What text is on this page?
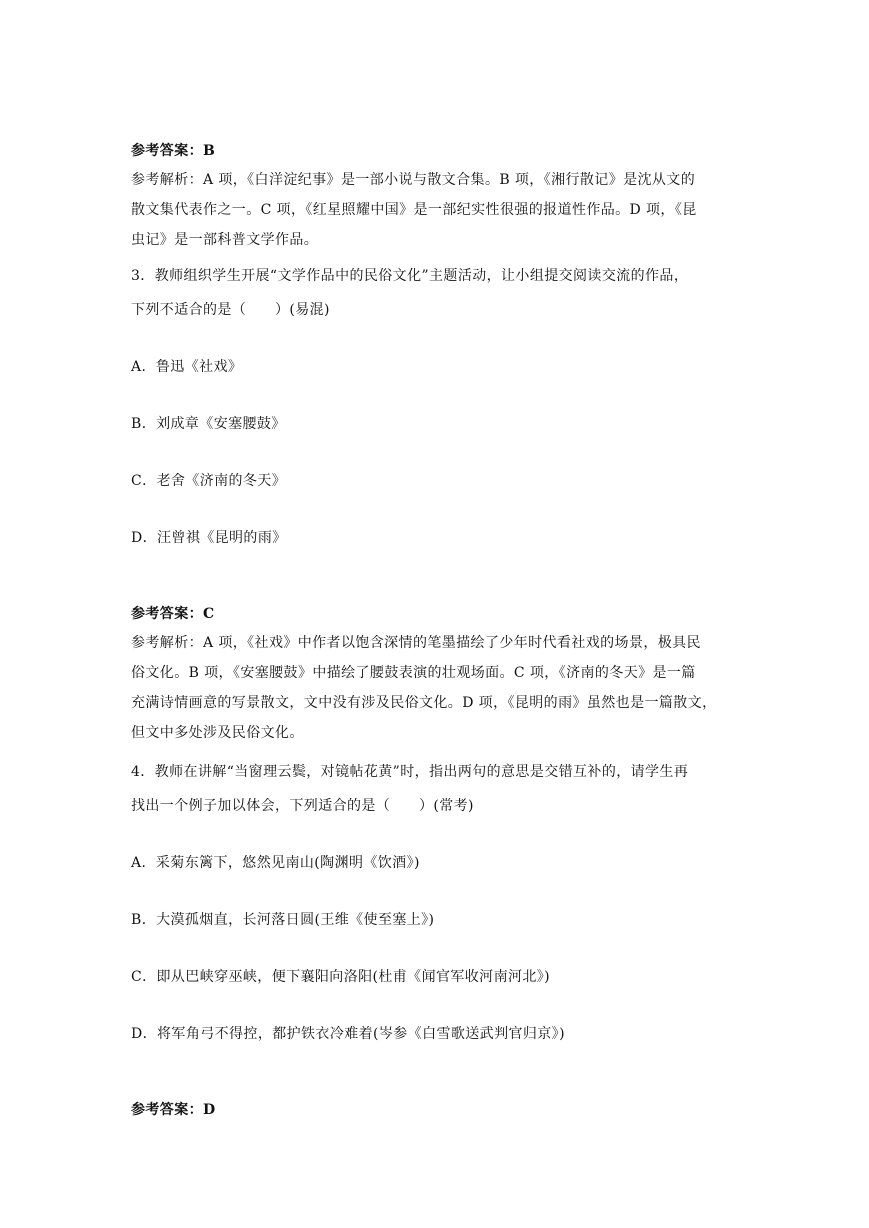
参考答案：B
参考解析：A 项，《白洋淀纪事》是一部小说与散文合集。B 项，《湘行散记》是沈从文的
散文集代表作之一。C 项，《红星照耀中国》是一部纪实性很强的报道性作品。D 项，《昆
虫记》是一部科普文学作品。
3．教师组织学生开展“文学作品中的民俗文化”主题活动，让小组提交阅读交流的作品，
下列不适合的是（　　）(易混)
A．鲁迅《社戏》
B．刘成章《安塞腰鼓》
C．老舍《济南的冬天》
D．汪曾祺《昆明的雨》
参考答案：C
参考解析：A 项，《社戏》中作者以饱含深情的笔墨描绘了少年时代看社戏的场景，极具民
俗文化。B 项，《安塞腰鼓》中描绘了腰鼓表演的壮观场面。C 项，《济南的冬天》是一篇
充满诗情画意的写景散文，文中没有涉及民俗文化。D 项，《昆明的雨》虽然也是一篇散文，
但文中多处涉及民俗文化。
4．教师在讲解“当窗理云鬓，对镜帖花黄”时，指出两句的意思是交错互补的，请学生再
找出一个例子加以体会，下列适合的是（　　）(常考)
A．采菊东篱下，悠然见南山(陶渊明《饮酒》)
B．大漠孤烟直，长河落日圆(王维《使至塞上》)
C．即从巴峡穿巫峡，便下襄阳向洛阳(杜甫《闻官军收河南河北》)
D．将军角弓不得控，都护铁衣冷难着(岑参《白雪歌送武判官归京》)
参考答案：D
